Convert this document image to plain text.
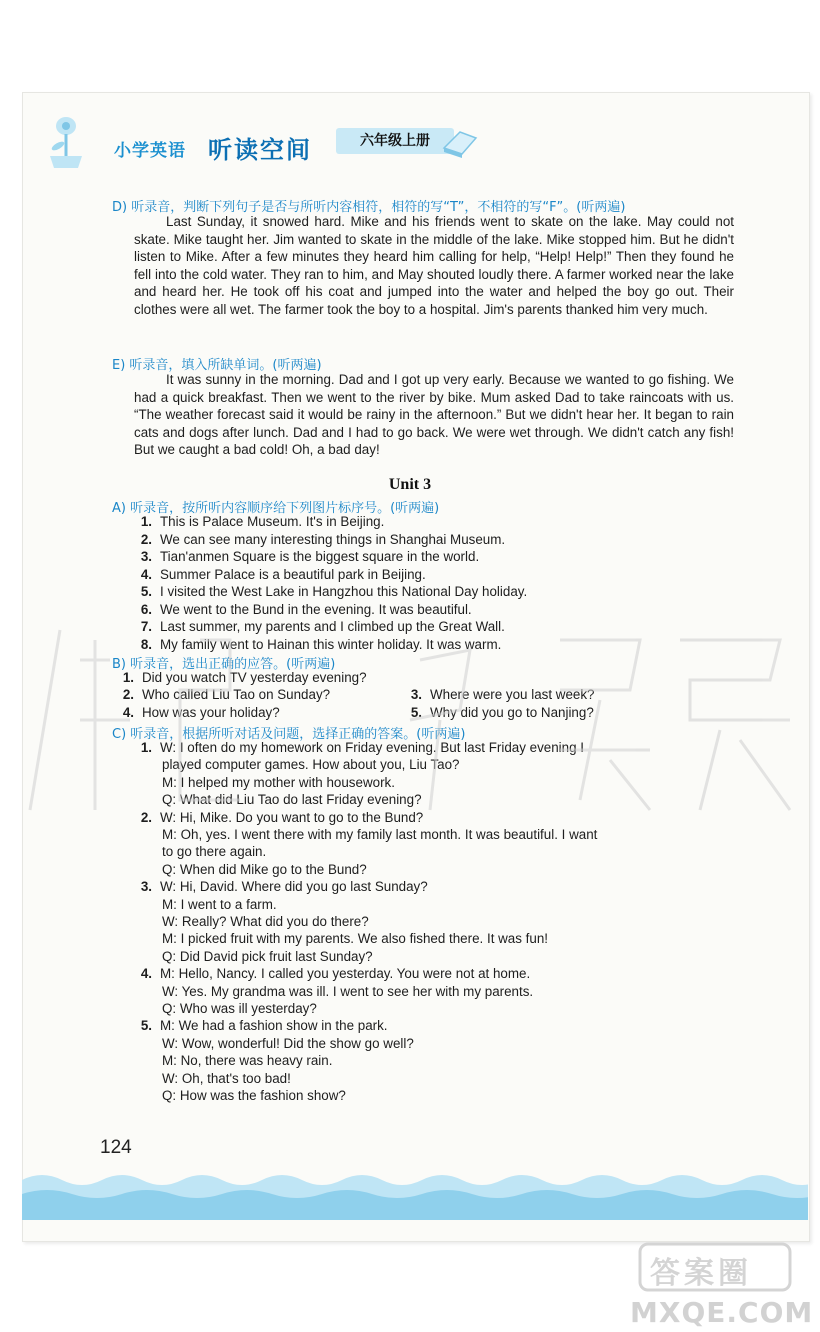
小学英语 听读空间	六年级上册
D) 听录音，判断下列句子是否与所听内容相符，相符的写“T”，不相符的写“F”。(听两遍)
Last Sunday, it snowed hard. Mike and his friends went to skate on the lake. May could not skate. Mike taught her. Jim wanted to skate in the middle of the lake. Mike stopped him. But he didn't listen to Mike. After a few minutes they heard him calling for help, “Help! Help!” Then they found he fell into the cold water. They ran to him, and May shouted loudly there. A farmer worked near the lake and heard her. He took off his coat and jumped into the water and helped the boy go out. Their clothes were all wet. The farmer took the boy to a hospital. Jim's parents thanked him very much.
E) 听录音，填入所缺单词。(听两遍)
It was sunny in the morning. Dad and I got up very early. Because we wanted to go fishing. We had a quick breakfast. Then we went to the river by bike. Mum asked Dad to take raincoats with us. “The weather forecast said it would be rainy in the afternoon.” But we didn't hear her. It began to rain cats and dogs after lunch. Dad and I had to go back. We were wet through. We didn't catch any fish! But we caught a bad cold! Oh, a bad day!
Unit 3
A) 听录音，按所听内容顺序给下列图片标序号。(听两遍)
1. This is Palace Museum. It's in Beijing.
2. We can see many interesting things in Shanghai Museum.
3. Tian'anmen Square is the biggest square in the world.
4. Summer Palace is a beautiful park in Beijing.
5. I visited the West Lake in Hangzhou this National Day holiday.
6. We went to the Bund in the evening. It was beautiful.
7. Last summer, my parents and I climbed up the Great Wall.
8. My family went to Hainan this winter holiday. It was warm.
B) 听录音，选出正确的应答。(听两遍)
1. Did you watch TV yesterday evening?
2. Who called Liu Tao on Sunday?	3. Where were you last week?
4. How was your holiday?	5. Why did you go to Nanjing?
C) 听录音，根据所听对话及问题，选择正确的答案。(听两遍)
1. W: I often do my homework on Friday evening. But last Friday evening I
played computer games. How about you, Liu Tao?
M: I helped my mother with housework.
Q: What did Liu Tao do last Friday evening?
2. W: Hi, Mike. Do you want to go to the Bund?
M: Oh, yes. I went there with my family last month. It was beautiful. I want
to go there again.
Q: When did Mike go to the Bund?
3. W: Hi, David. Where did you go last Sunday?
M: I went to a farm.
W: Really? What did you do there?
M: I picked fruit with my parents. We also fished there. It was fun!
Q: Did David pick fruit last Sunday?
4. M: Hello, Nancy. I called you yesterday. You were not at home.
W: Yes. My grandma was ill. I went to see her with my parents.
Q: Who was ill yesterday?
5. M: We had a fashion show in the park.
W: Wow, wonderful! Did the show go well?
M: No, there was heavy rain.
W: Oh, that's too bad!
Q: How was the fashion show?
124
答案圈
MXQE.COM
